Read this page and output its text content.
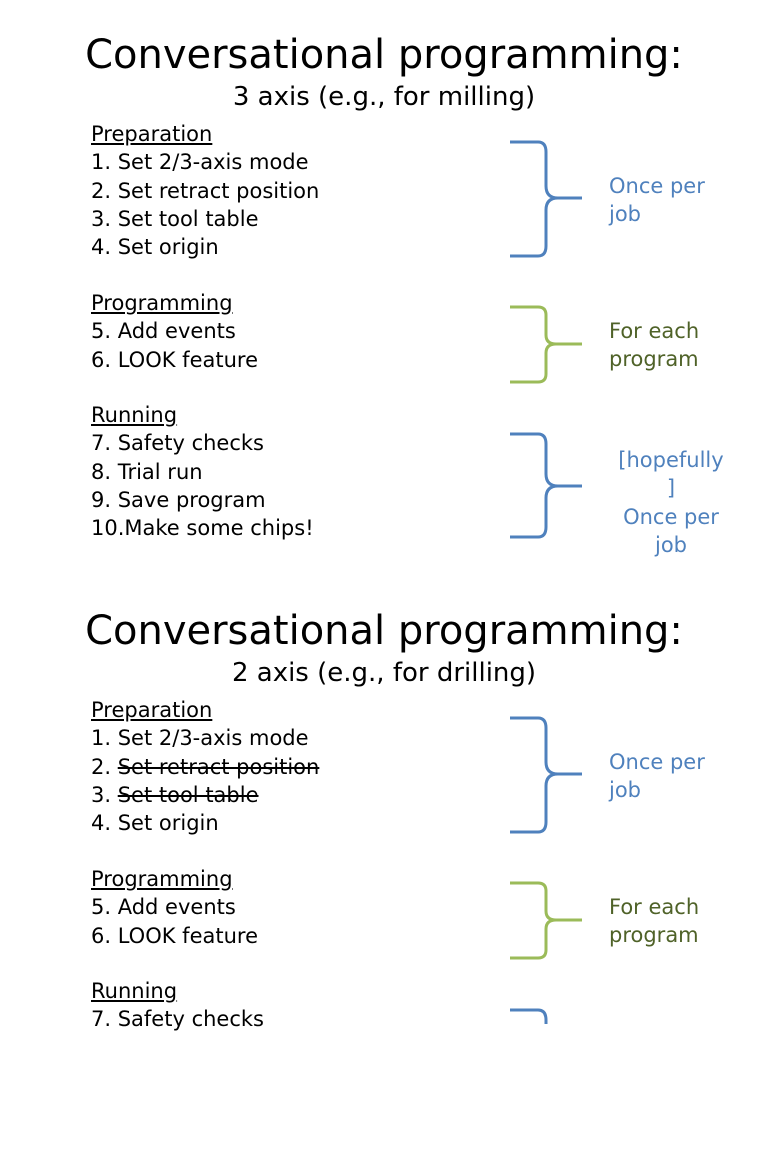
Conversational programming:
3 axis (e.g., for milling)
Preparation
1. Set 2/3-axis mode
2. Set retract position
3. Set tool table
4. Set origin
Once per
job
Programming
5. Add events
6. LOOK feature
For each
program
Running
7. Safety checks
8. Trial run
9. Save program
10.Make some chips!
[hopefully
]
Once per
job
Conversational programming:
2 axis (e.g., for drilling)
Preparation
1. Set 2/3-axis mode
2. Set retract position
3. Set tool table
4. Set origin
Once per
job
Programming
5. Add events
6. LOOK feature
For each
program
Running
7. Safety checks
